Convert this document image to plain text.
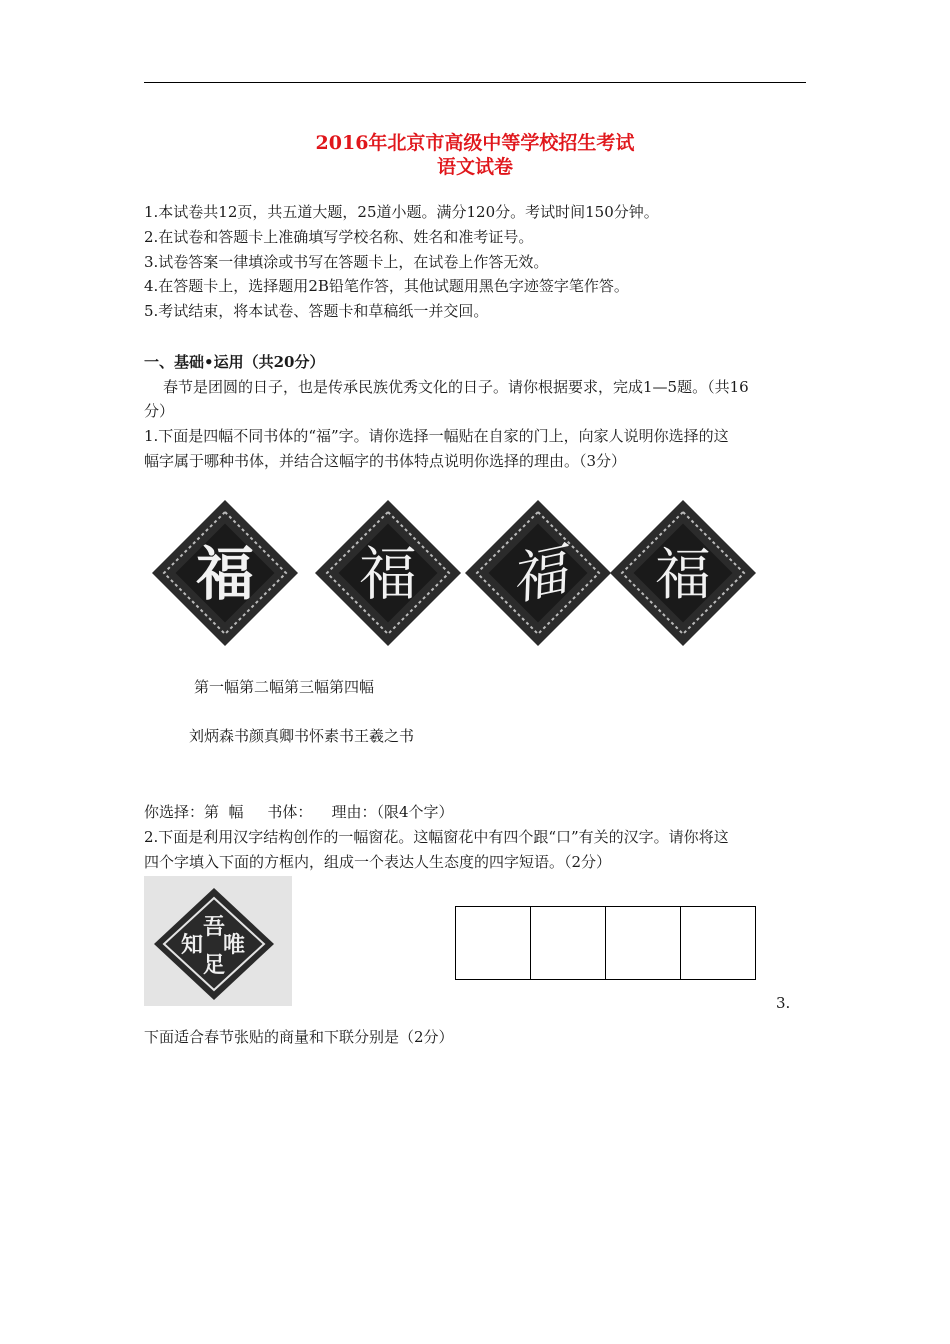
2016年北京市高级中等学校招生考试
语文试卷
1.本试卷共12页，共五道大题，25道小题。满分120分。考试时间150分钟。
2.在试卷和答题卡上准确填写学校名称、姓名和准考证号。
3.试卷答案一律填涂或书写在答题卡上，在试卷上作答无效。
4.在答题卡上，选择题用2B铅笔作答，其他试题用黑色字迹签字笔作答。
5.考试结束，将本试卷、答题卡和草稿纸一并交回。
一、基础•运用（共20分）
春节是团圆的日子，也是传承民族优秀文化的日子。请你根据要求，完成1—5题。（共16
分）
1.下面是四幅不同书体的“福”字。请你选择一幅贴在自家的门上，向家人说明你选择的这
幅字属于哪种书体，并结合这幅字的书体特点说明你选择的理由。（3分）
福 福 福 福
第一幅第二幅第三幅第四幅
刘炳森书颜真卿书怀素书王羲之书
你选择：第  幅     书体：    理由：（限4个字）
2.下面是利用汉字结构创作的一幅窗花。这幅窗花中有四个跟“口”有关的汉字。请你将这
四个字填入下面的方框内，组成一个表达人生态度的四字短语。（2分）
吾
唯
知
足
3.
下面适合春节张贴的商量和下联分别是（2分）
